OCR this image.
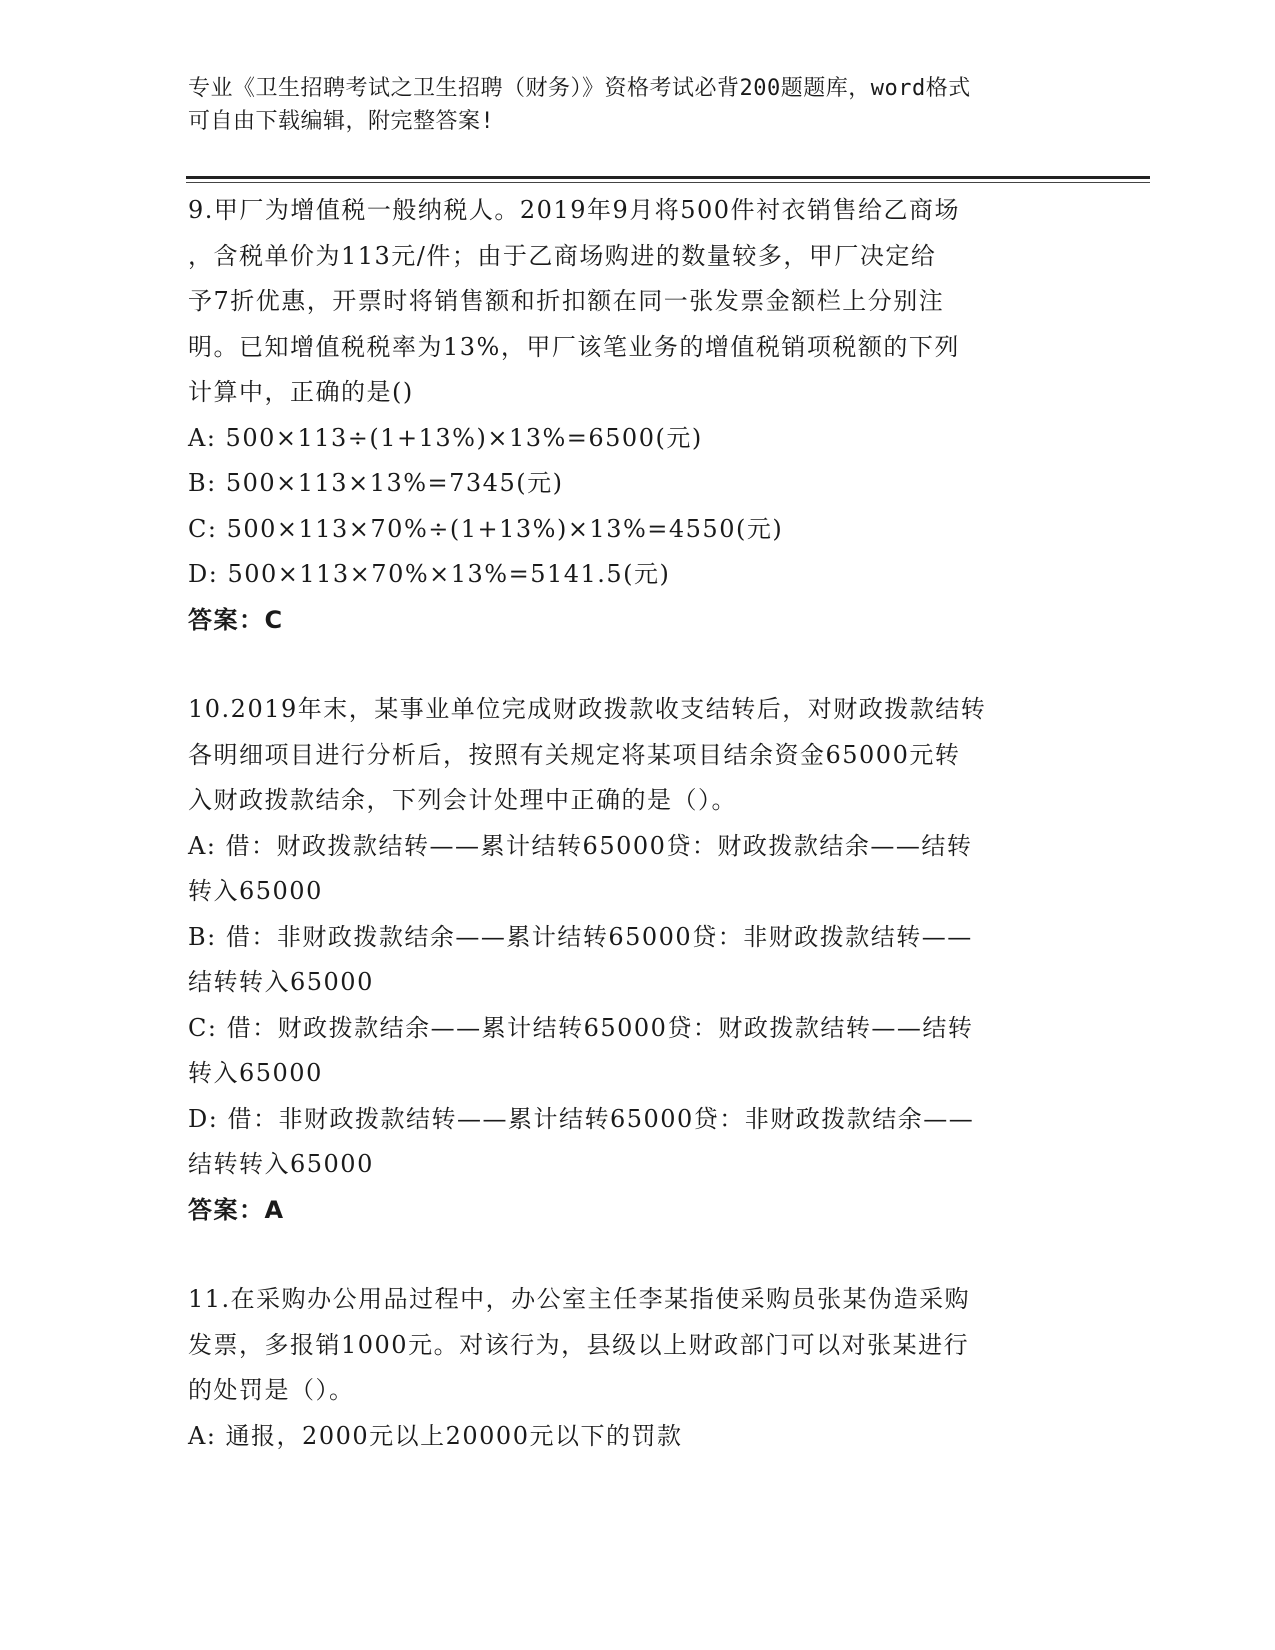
专业《卫生招聘考试之卫生招聘（财务）》资格考试必背200题题库，word格式
可自由下载编辑，附完整答案!
9.甲厂为增值税一般纳税人。2019年9月将500件衬衣销售给乙商场
，含税单价为113元/件；由于乙商场购进的数量较多，甲厂决定给
予7折优惠，开票时将销售额和折扣额在同一张发票金额栏上分别注
明。已知增值税税率为13%，甲厂该笔业务的增值税销项税额的下列
计算中，正确的是()
A: 500×113÷(1+13%)×13%=6500(元)
B: 500×113×13%=7345(元)
C: 500×113×70%÷(1+13%)×13%=4550(元)
D: 500×113×70%×13%=5141.5(元)
答案：C
10.2019年末，某事业单位完成财政拨款收支结转后，对财政拨款结转
各明细项目进行分析后，按照有关规定将某项目结余资金65000元转
入财政拨款结余，下列会计处理中正确的是（）。
A: 借：财政拨款结转——累计结转65000贷：财政拨款结余——结转
转入65000
B: 借：非财政拨款结余——累计结转65000贷：非财政拨款结转——
结转转入65000
C: 借：财政拨款结余——累计结转65000贷：财政拨款结转——结转
转入65000
D: 借：非财政拨款结转——累计结转65000贷：非财政拨款结余——
结转转入65000
答案：A
11.在采购办公用品过程中，办公室主任李某指使采购员张某伪造采购
发票，多报销1000元。对该行为，县级以上财政部门可以对张某进行
的处罚是（）。
A: 通报，2000元以上20000元以下的罚款
